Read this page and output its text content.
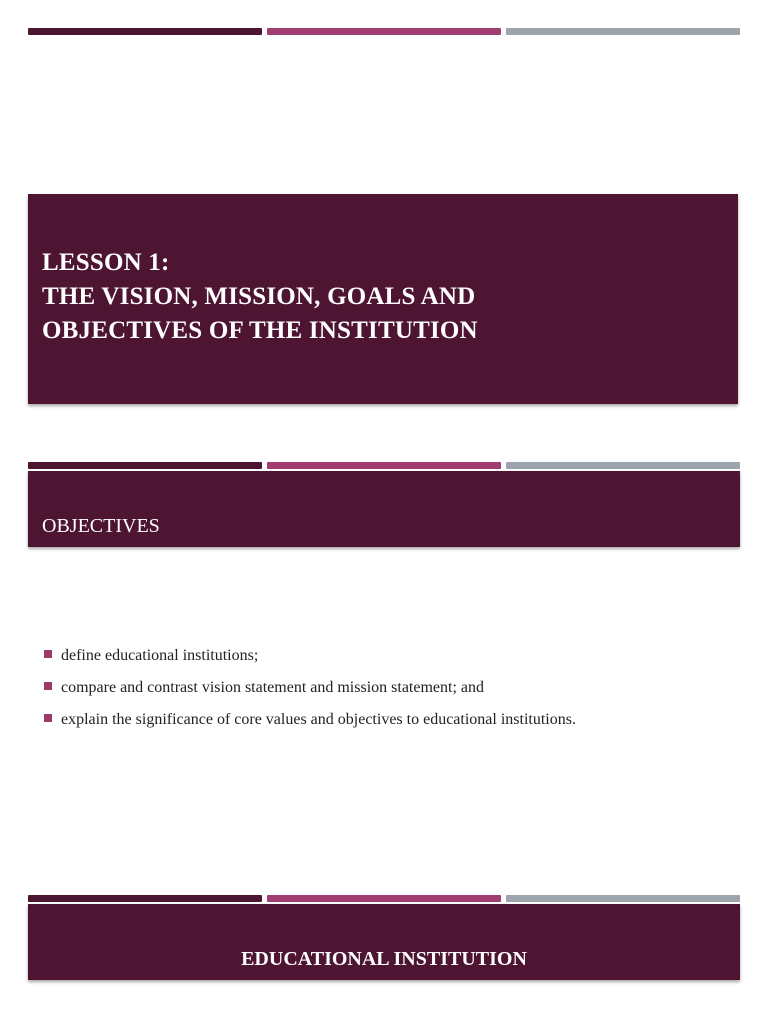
LESSON 1:
THE VISION, MISSION, GOALS AND
OBJECTIVES OF THE INSTITUTION
OBJECTIVES
define educational institutions;
compare and contrast vision statement and mission statement; and
explain the significance of core values and objectives to educational institutions.
EDUCATIONAL INSTITUTION
